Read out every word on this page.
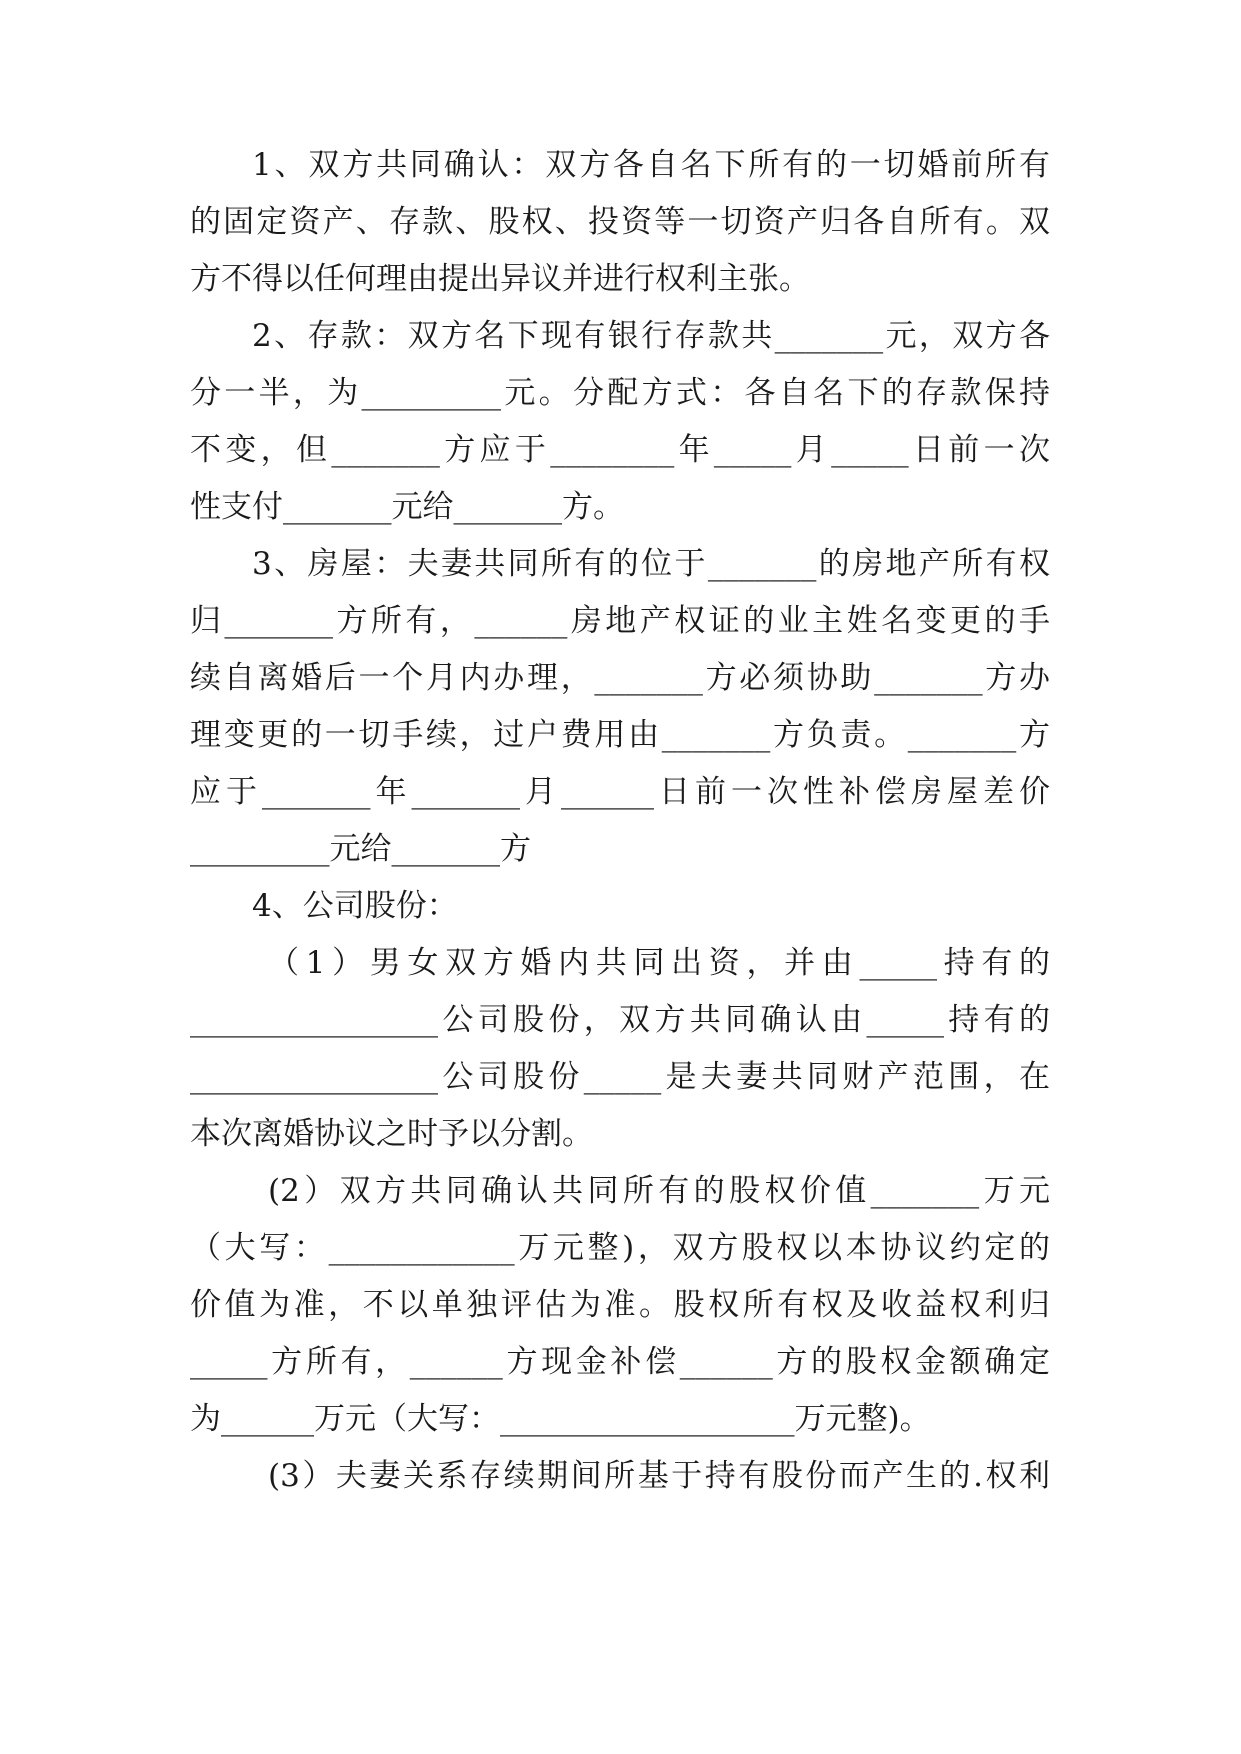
1、双方共同确认：双方各自名下所有的一切婚前所有
的固定资产、存款、股权、投资等一切资产归各自所有。双
方不得以任何理由提出异议并进行权利主张。
2、存款：双方名下现有银行存款共_______元，双方各
分一半，为_________元。分配方式：各自名下的存款保持
不变，但_______方应于________年_____月_____日前一次
性支付_______元给_______方。
3、房屋：夫妻共同所有的位于_______的房地产所有权
归_______方所有，______房地产权证的业主姓名变更的手
续自离婚后一个月内办理，_______方必须协助_______方办
理变更的一切手续，过户费用由_______方负责。_______方
应于_______年_______月______日前一次性补偿房屋差价
_________元给_______方
4、公司股份：
（1）男女双方婚内共同出资，并由_____持有的
________________公司股份，双方共同确认由_____持有的
________________公司股份_____是夫妻共同财产范围，在
本次离婚协议之时予以分割。
(2）双方共同确认共同所有的股权价值_______万元
（大写：____________万元整)，双方股权以本协议约定的
价值为准，不以单独评估为准。股权所有权及收益权利归
_____方所有，______方现金补偿______方的股权金额确定
为______万元（大写：___________________万元整)。
(3）夫妻关系存续期间所基于持有股份而产生的.权利
